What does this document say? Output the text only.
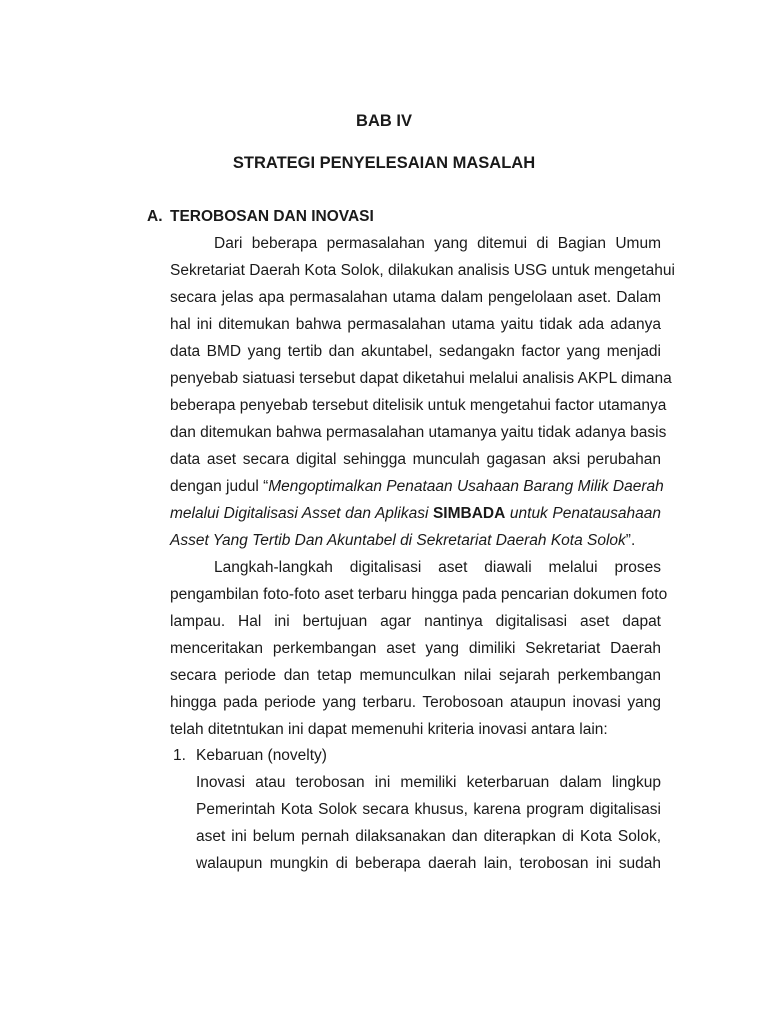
BAB IV
STRATEGI PENYELESAIAN MASALAH
A. TEROBOSAN DAN INOVASI
Dari beberapa permasalahan yang ditemui di Bagian Umum
Sekretariat Daerah Kota Solok, dilakukan analisis USG untuk mengetahui
secara jelas apa permasalahan utama dalam pengelolaan aset. Dalam
hal ini ditemukan bahwa permasalahan utama yaitu tidak ada adanya
data BMD yang tertib dan akuntabel, sedangakn factor yang menjadi
penyebab siatuasi tersebut dapat diketahui melalui analisis AKPL dimana
beberapa penyebab tersebut ditelisik untuk mengetahui factor utamanya
dan ditemukan bahwa permasalahan utamanya yaitu tidak adanya basis
data aset secara digital sehingga munculah gagasan aksi perubahan
dengan judul “Mengoptimalkan Penataan Usahaan Barang Milik Daerah
melalui Digitalisasi Asset dan Aplikasi SIMBADA untuk Penatausahaan
Asset Yang Tertib Dan Akuntabel di Sekretariat Daerah Kota Solok”.
Langkah-langkah digitalisasi aset diawali melalui proses
pengambilan foto-foto aset terbaru hingga pada pencarian dokumen foto
lampau. Hal ini bertujuan agar nantinya digitalisasi aset dapat
menceritakan perkembangan aset yang dimiliki Sekretariat Daerah
secara periode dan tetap memunculkan nilai sejarah perkembangan
hingga pada periode yang terbaru. Terobosoan ataupun inovasi yang
telah ditetntukan ini dapat memenuhi kriteria inovasi antara lain:
1. Kebaruan (novelty)
Inovasi atau terobosan ini memiliki keterbaruan dalam lingkup
Pemerintah Kota Solok secara khusus, karena program digitalisasi
aset ini belum pernah dilaksanakan dan diterapkan di Kota Solok,
walaupun mungkin di beberapa daerah lain, terobosan ini sudah
